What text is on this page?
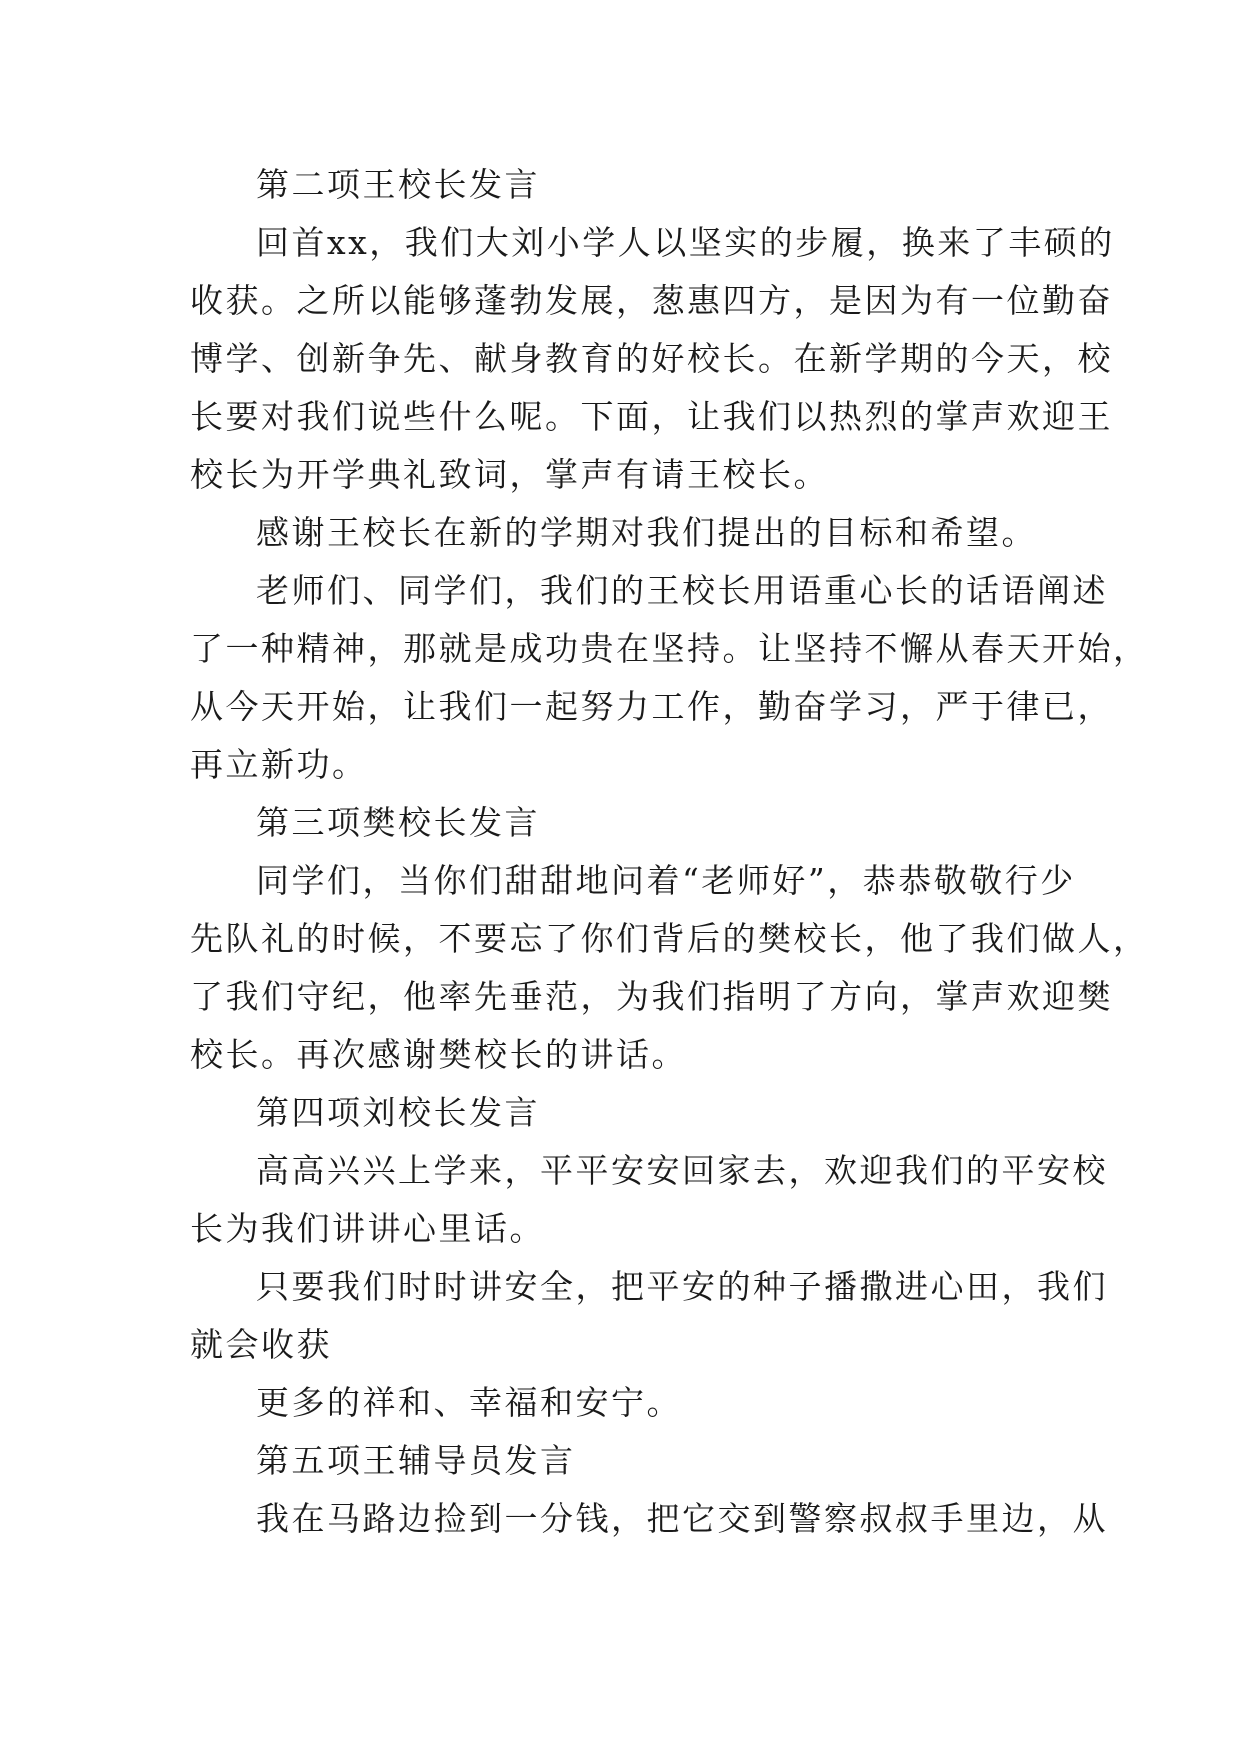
第二项王校长发言
回首xx，我们大刘小学人以坚实的步履，换来了丰硕的
收获。之所以能够蓬勃发展，葱惠四方，是因为有一位勤奋
博学、创新争先、献身教育的好校长。在新学期的今天，校
长要对我们说些什么呢。下面，让我们以热烈的掌声欢迎王
校长为开学典礼致词，掌声有请王校长。
感谢王校长在新的学期对我们提出的目标和希望。
老师们、同学们，我们的王校长用语重心长的话语阐述
了一种精神，那就是成功贵在坚持。让坚持不懈从春天开始，
从今天开始，让我们一起努力工作，勤奋学习，严于律已，
再立新功。
第三项樊校长发言
同学们，当你们甜甜地问着“老师好”，恭恭敬敬行少
先队礼的时候，不要忘了你们背后的樊校长，他了我们做人，
了我们守纪，他率先垂范，为我们指明了方向，掌声欢迎樊
校长。再次感谢樊校长的讲话。
第四项刘校长发言
高高兴兴上学来，平平安安回家去，欢迎我们的平安校
长为我们讲讲心里话。
只要我们时时讲安全，把平安的种子播撒进心田，我们
就会收获
更多的祥和、幸福和安宁。
第五项王辅导员发言
我在马路边捡到一分钱，把它交到警察叔叔手里边，从
